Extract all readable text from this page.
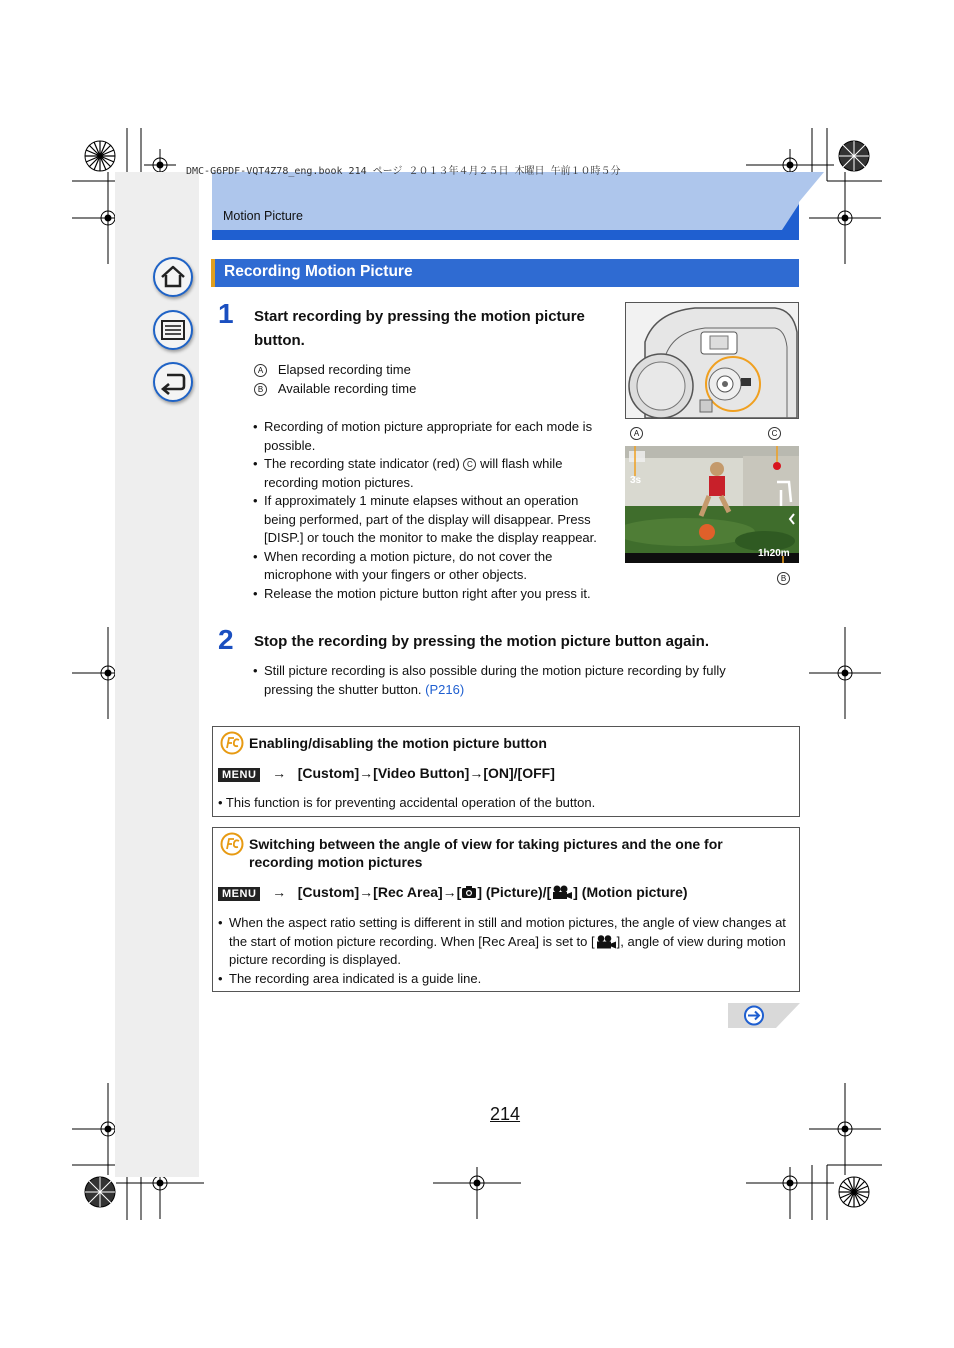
DMC-G6PDF-VQT4Z78_eng.book 214 ページ ２０１３年４月２５日 木曜日 午前１０時５分
Motion Picture
Recording Motion Picture
1 Start recording by pressing the motion picture button.
A Elapsed recording time
B Available recording time
• Recording of motion picture appropriate for each mode is possible.
• The recording state indicator (red) C will flash while recording motion pictures.
• If approximately 1 minute elapses without an operation being performed, part of the display will disappear. Press [DISP.] or touch the monitor to make the display reappear.
• When recording a motion picture, do not cover the microphone with your fingers or other objects.
• Release the motion picture button right after you press it.
A	C
3s
1h20m
B
2 Stop the recording by pressing the motion picture button again.
• Still picture recording is also possible during the motion picture recording by fully pressing the shutter button. (P216)
Enabling/disabling the motion picture button
MENU → [Custom]→[Video Button]→[ON]/[OFF]
• This function is for preventing accidental operation of the button.
Switching between the angle of view for taking pictures and the one for recording motion pictures
MENU → [Custom]→[Rec Area]→[ ] (Picture)/[ ] (Motion picture)
• When the aspect ratio setting is different in still and motion pictures, the angle of view changes at the start of motion picture recording. When [Rec Area] is set to [ ], angle of view during motion picture recording is displayed.
• The recording area indicated is a guide line.
214
